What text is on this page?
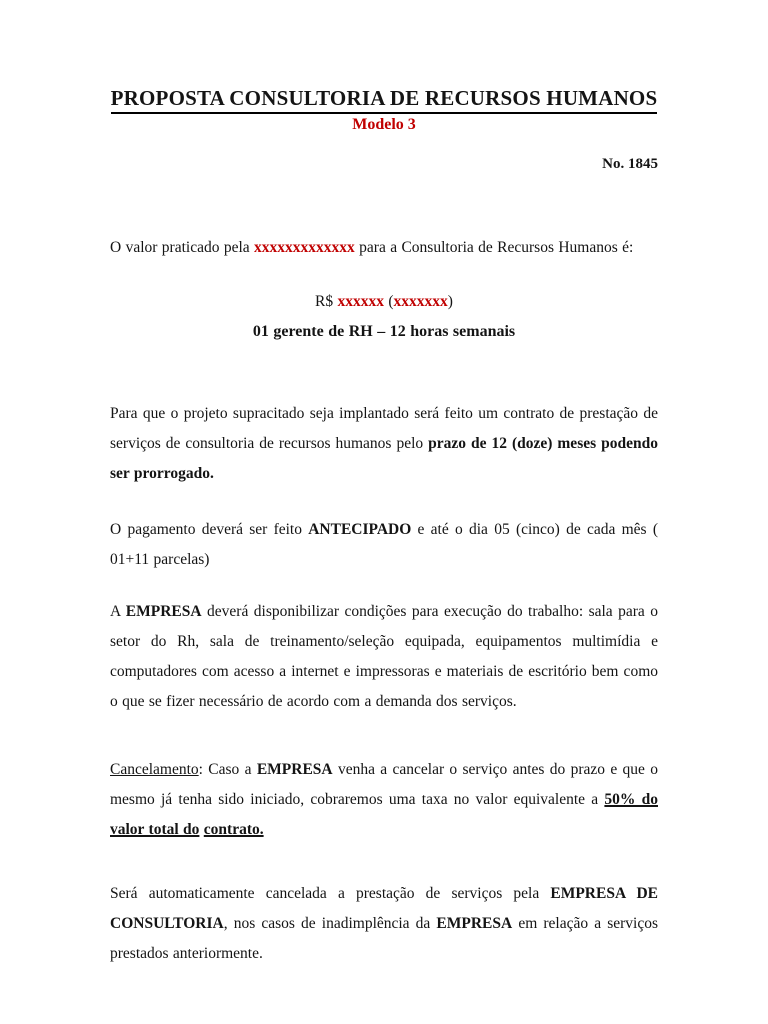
PROPOSTA CONSULTORIA DE RECURSOS HUMANOS

Modelo 3

No. 1845

O valor praticado pela xxxxxxxxxxxxx para a Consultoria de Recursos Humanos é:

R$ xxxxxx (xxxxxxx)

01 gerente de RH – 12 horas semanais

Para que o projeto supracitado seja implantado será feito um contrato de prestação de serviços de consultoria de recursos humanos pelo prazo de 12 (doze) meses podendo ser prorrogado.

O pagamento deverá ser feito ANTECIPADO e até o dia 05 (cinco) de cada mês ( 01+11 parcelas)

A EMPRESA deverá disponibilizar condições para execução do trabalho: sala para o setor do Rh, sala de treinamento/seleção equipada, equipamentos multimídia e computadores com acesso a internet e impressoras e materiais de escritório bem como o que se fizer necessário de acordo com a demanda dos serviços.

Cancelamento: Caso a EMPRESA venha a cancelar o serviço antes do prazo e que o mesmo já tenha sido iniciado, cobraremos uma taxa no valor equivalente a 50% do valor total do contrato.

Será automaticamente cancelada a prestação de serviços pela EMPRESA DE CONSULTORIA, nos casos de inadimplência da EMPRESA em relação a serviços prestados anteriormente.
